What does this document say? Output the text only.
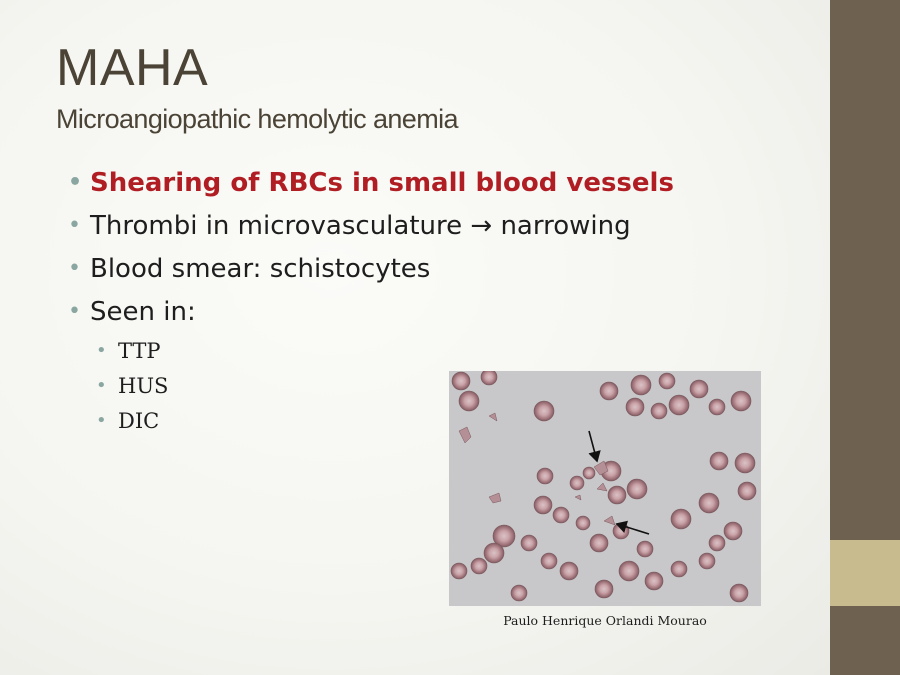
MAHA
Microangiopathic hemolytic anemia
• Shearing of RBCs in small blood vessels
• Thrombi in microvasculature → narrowing
• Blood smear: schistocytes
• Seen in:
• TTP
• HUS
• DIC
Paulo Henrique Orlandi Mourao
